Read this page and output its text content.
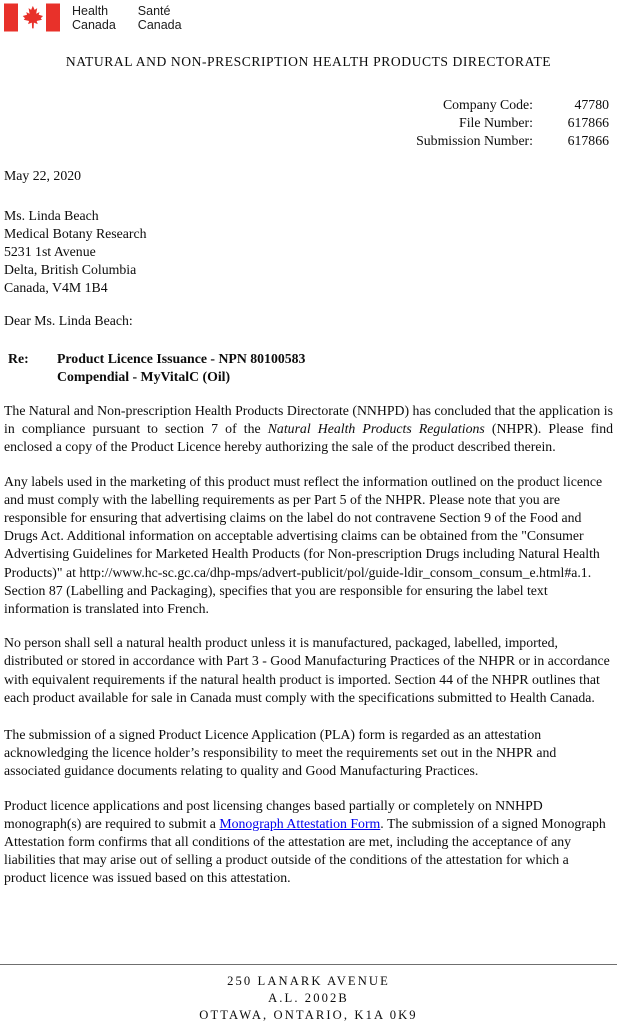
Health
Canada
Santé
Canada
NATURAL AND NON-PRESCRIPTION HEALTH PRODUCTS DIRECTORATE
Company Code:	47780
File Number:	617866
Submission Number:	617866
May 22, 2020
Ms. Linda Beach
Medical Botany Research
5231 1st Avenue
Delta, British Columbia
Canada, V4M 1B4
Dear Ms. Linda Beach:
Re:	Product Licence Issuance - NPN 80100583
Compendial - MyVitalC (Oil)

The Natural and Non-prescription Health Products Directorate (NNHPD) has concluded that the application is in compliance pursuant to section 7 of the Natural Health Products Regulations (NHPR). Please find enclosed a copy of the Product Licence hereby authorizing the sale of the product described therein.

Any labels used in the marketing of this product must reflect the information outlined on the product licence and must comply with the labelling requirements as per Part 5 of the NHPR. Please note that you are responsible for ensuring that advertising claims on the label do not contravene Section 9 of the Food and Drugs Act. Additional information on acceptable advertising claims can be obtained from the "Consumer Advertising Guidelines for Marketed Health Products (for Non-prescription Drugs including Natural Health Products)" at http://www.hc-sc.gc.ca/dhp-mps/advert-publicit/pol/guide-ldir_consom_consum_e.html#a.1. Section 87 (Labelling and Packaging), specifies that you are responsible for ensuring the label text information is translated into French.

No person shall sell a natural health product unless it is manufactured, packaged, labelled, imported, distributed or stored in accordance with Part 3 - Good Manufacturing Practices of the NHPR or in accordance with equivalent requirements if the natural health product is imported. Section 44 of the NHPR outlines that each product available for sale in Canada must comply with the specifications submitted to Health Canada.

The submission of a signed Product Licence Application (PLA) form is regarded as an attestation acknowledging the licence holder’s responsibility to meet the requirements set out in the NHPR and associated guidance documents relating to quality and Good Manufacturing Practices.

Product licence applications and post licensing changes based partially or completely on NNHPD monograph(s) are required to submit a Monograph Attestation Form. The submission of a signed Monograph Attestation form confirms that all conditions of the attestation are met, including the acceptance of any liabilities that may arise out of selling a product outside of the conditions of the attestation for which a product licence was issued based on this attestation.

250 LANARK AVENUE
A.L. 2002B
OTTAWA, ONTARIO, K1A 0K9
